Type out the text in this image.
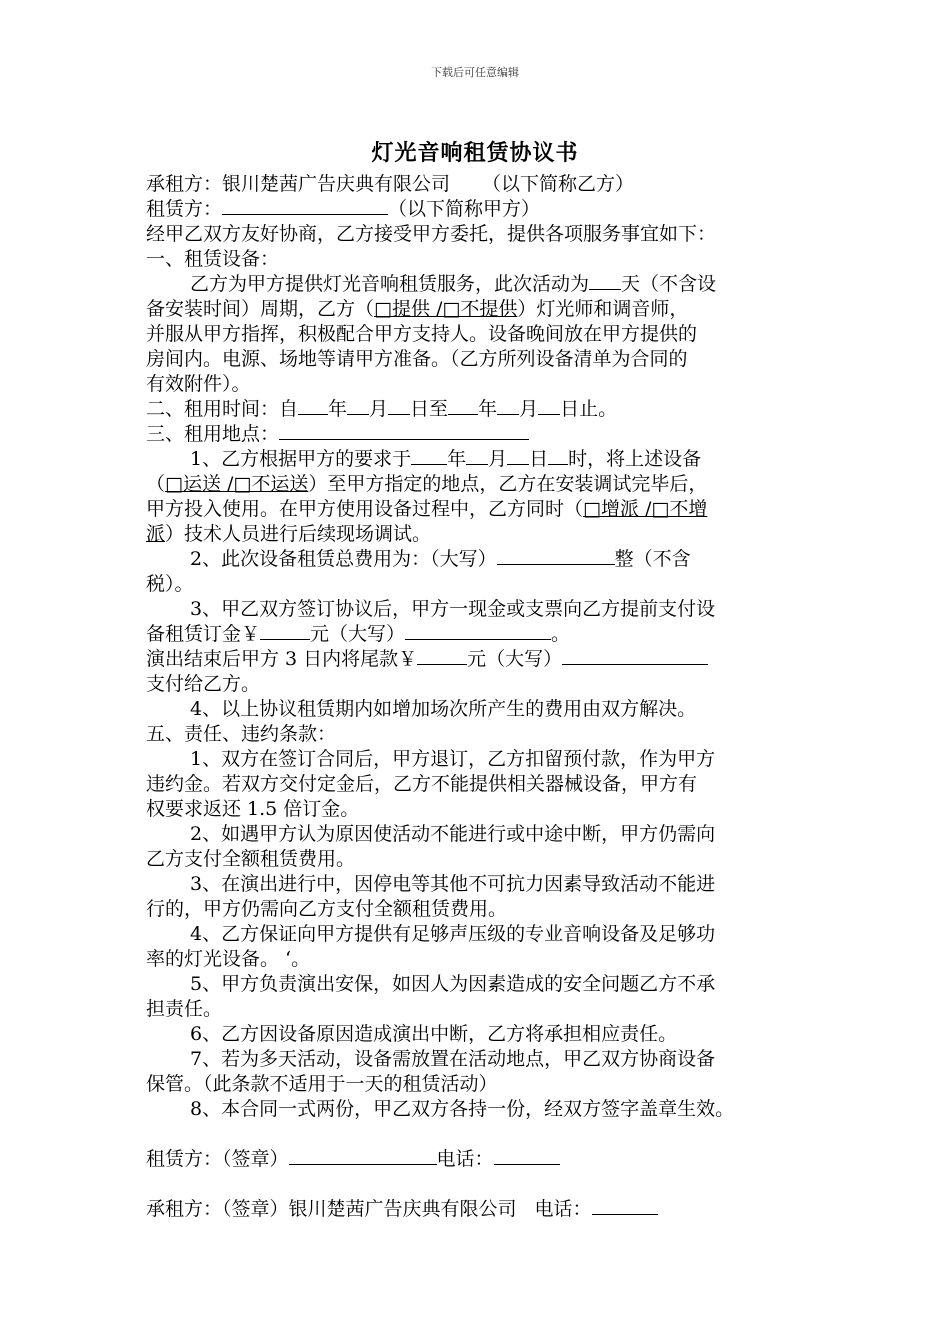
下载后可任意编辑
灯光音响租赁协议书
承租方：银川楚茜广告庆典有限公司 （以下简称乙方）
租赁方：	（以下简称甲方）
经甲乙双方友好协商，乙方接受甲方委托，提供各项服务事宜如下：
一、租赁设备：
乙方为甲方提供灯光音响租赁服务，此次活动为 天（不含设
备安装时间）周期，乙方（□提供 /□不提供）灯光师和调音师，
并服从甲方指挥，积极配合甲方支持人。设备晚间放在甲方提供的
房间内。电源、场地等请甲方准备。（乙方所列设备清单为合同的
有效附件）。
二、租用时间：自 年 月 日至 年 月 日止。
三、租用地点：
1、乙方根据甲方的要求于 年 月 日 时，将上述设备
（□运送 /□不运送）至甲方指定的地点，乙方在安装调试完毕后，
甲方投入使用。在甲方使用设备过程中，乙方同时（□增派 /□不增
派）技术人员进行后续现场调试。
2、此次设备租赁总费用为：（大写）	整（不含
税）。
3、甲乙双方签订协议后，甲方一现金或支票向乙方提前支付设
备租赁订金￥	元（大写）	。
演出结束后甲方 3 日内将尾款￥	元（大写）
支付给乙方。
4、以上协议租赁期内如增加场次所产生的费用由双方解决。
五、责任、违约条款：
1、双方在签订合同后，甲方退订，乙方扣留预付款，作为甲方
违约金。若双方交付定金后，乙方不能提供相关器械设备，甲方有
权要求返还 1.5 倍订金。
2、如遇甲方认为原因使活动不能进行或中途中断，甲方仍需向
乙方支付全额租赁费用。
3、在演出进行中，因停电等其他不可抗力因素导致活动不能进
行的，甲方仍需向乙方支付全额租赁费用。
4、乙方保证向甲方提供有足够声压级的专业音响设备及足够功
率的灯光设备。 ‘。
5、甲方负责演出安保，如因人为因素造成的安全问题乙方不承
担责任。
6、乙方因设备原因造成演出中断，乙方将承担相应责任。
7、若为多天活动，设备需放置在活动地点，甲乙双方协商设备
保管。（此条款不适用于一天的租赁活动）
8、本合同一式两份，甲乙双方各持一份，经双方签字盖章生效。
租赁方：（签章）	电话：
承租方：（签章）银川楚茜广告庆典有限公司 电话：
